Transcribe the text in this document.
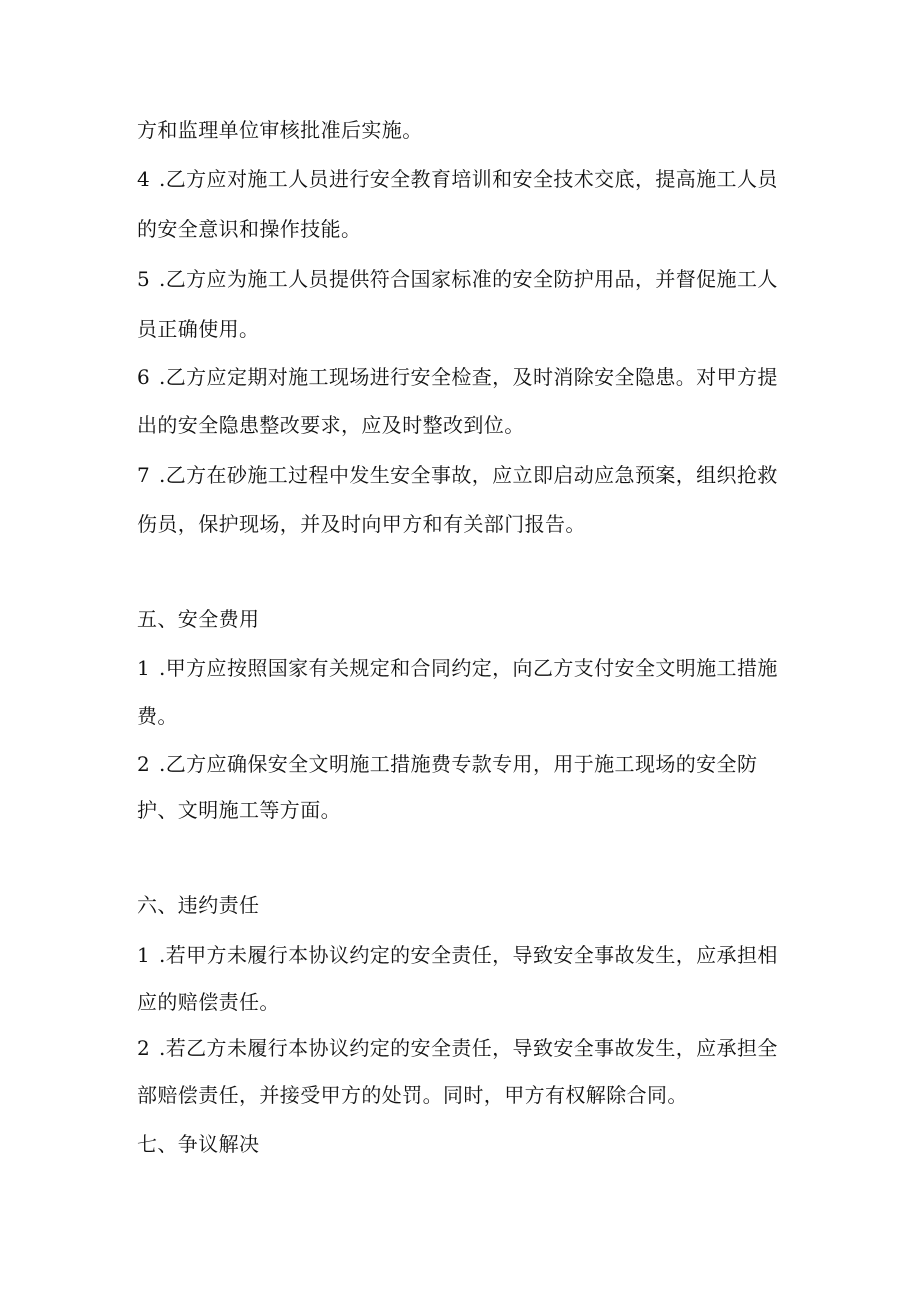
方和监理单位审核批准后实施。
4 .乙方应对施工人员进行安全教育培训和安全技术交底，提高施工人员
的安全意识和操作技能。
5 .乙方应为施工人员提供符合国家标准的安全防护用品，并督促施工人
员正确使用。
6 .乙方应定期对施工现场进行安全检查，及时消除安全隐患。对甲方提
出的安全隐患整改要求，应及时整改到位。
7 .乙方在砂施工过程中发生安全事故，应立即启动应急预案，组织抢救
伤员，保护现场，并及时向甲方和有关部门报告。
五、安全费用
1 .甲方应按照国家有关规定和合同约定，向乙方支付安全文明施工措施
费。
2 .乙方应确保安全文明施工措施费专款专用，用于施工现场的安全防
护、文明施工等方面。
六、违约责任
1 .若甲方未履行本协议约定的安全责任，导致安全事故发生，应承担相
应的赔偿责任。
2 .若乙方未履行本协议约定的安全责任，导致安全事故发生，应承担全
部赔偿责任，并接受甲方的处罚。同时，甲方有权解除合同。
七、争议解决
